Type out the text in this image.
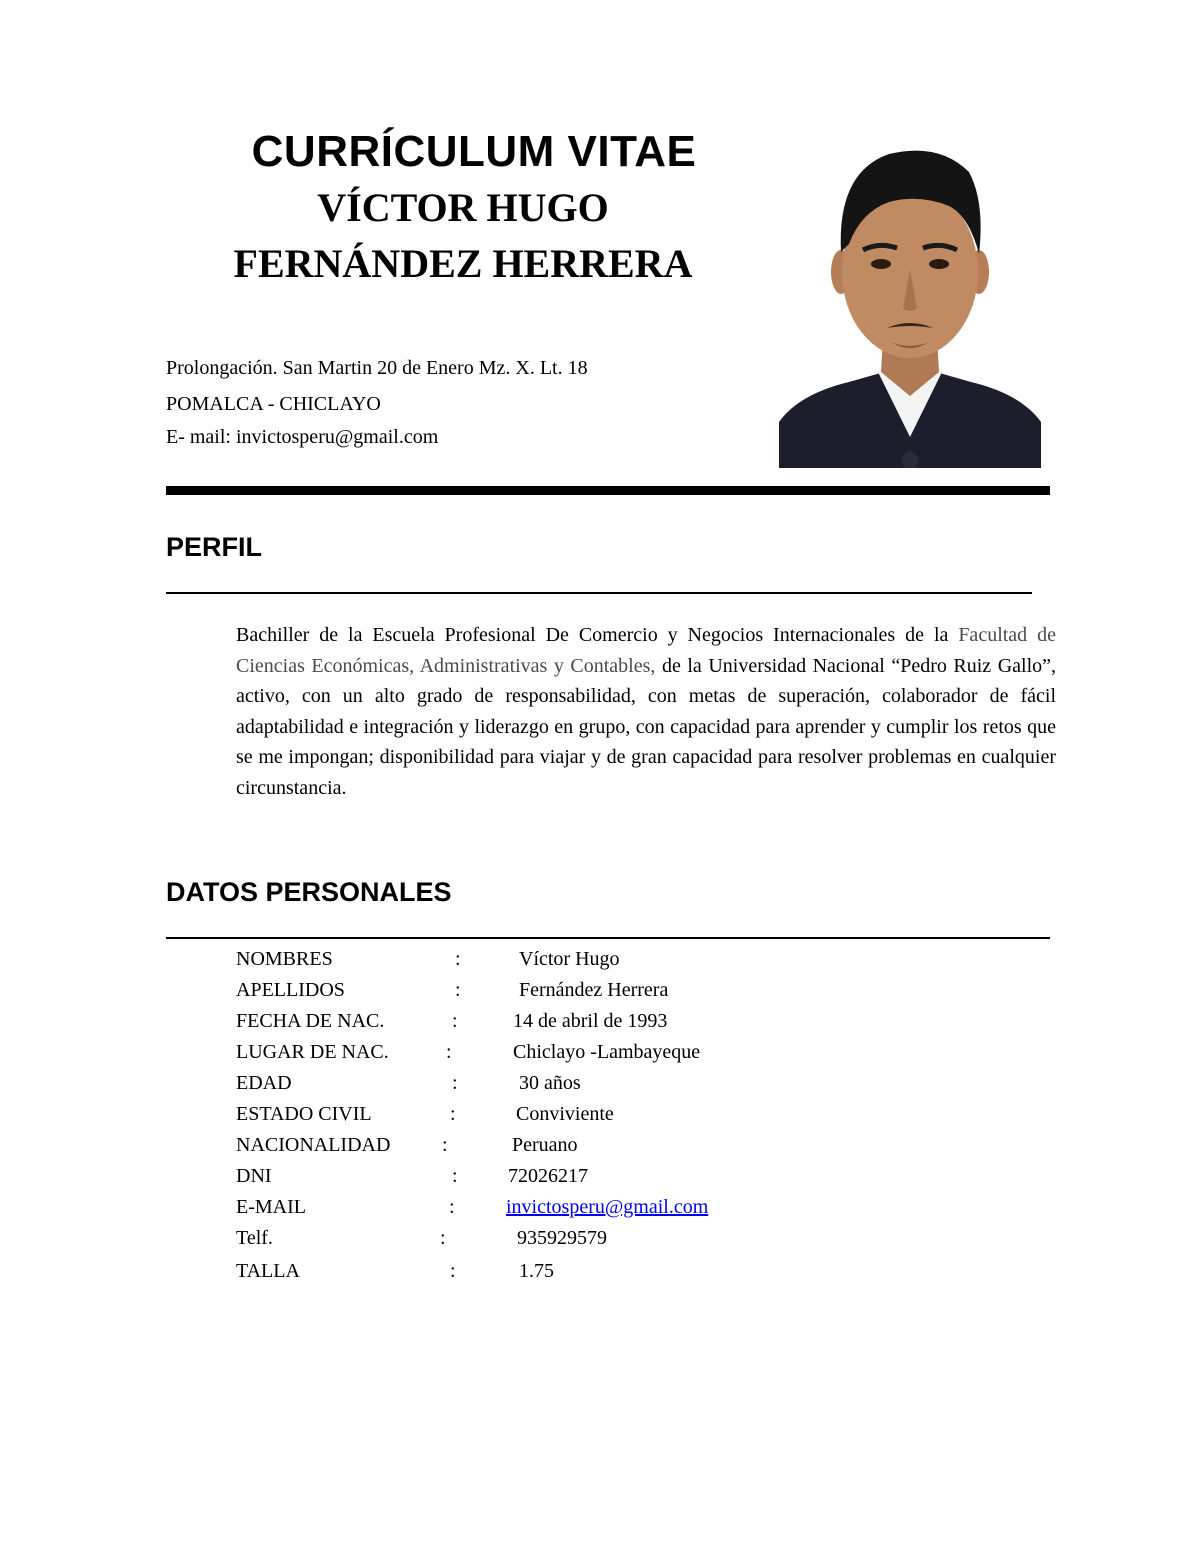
CURRÍCULUM VITAE
VÍCTOR HUGO
FERNÁNDEZ HERRERA
Prolongación. San Martin 20 de Enero Mz. X. Lt. 18
POMALCA - CHICLAYO
E- mail: invictosperu@gmail.com
PERFIL
Bachiller de la Escuela Profesional De Comercio y Negocios Internacionales de la Facultad de Ciencias Económicas, Administrativas y Contables, de la Universidad Nacional “Pedro Ruiz Gallo”, activo, con un alto grado de responsabilidad, con metas de superación, colaborador de fácil adaptabilidad e integración y liderazgo en grupo, con capacidad para aprender y cumplir los retos que se me impongan; disponibilidad para viajar y de gran capacidad para resolver problemas en cualquier circunstancia.
DATOS PERSONALES
NOMBRES	:	Víctor Hugo
APELLIDOS	:	Fernández Herrera
FECHA DE NAC.	:	14 de abril de 1993
LUGAR DE NAC.	:	Chiclayo -Lambayeque
EDAD	:	30 años
ESTADO CIVIL	:	Conviviente
NACIONALIDAD	:	Peruano
DNI	:	72026217
E-MAIL	:	invictosperu@gmail.com
Telf.	:	935929579
TALLA	:	1.75
